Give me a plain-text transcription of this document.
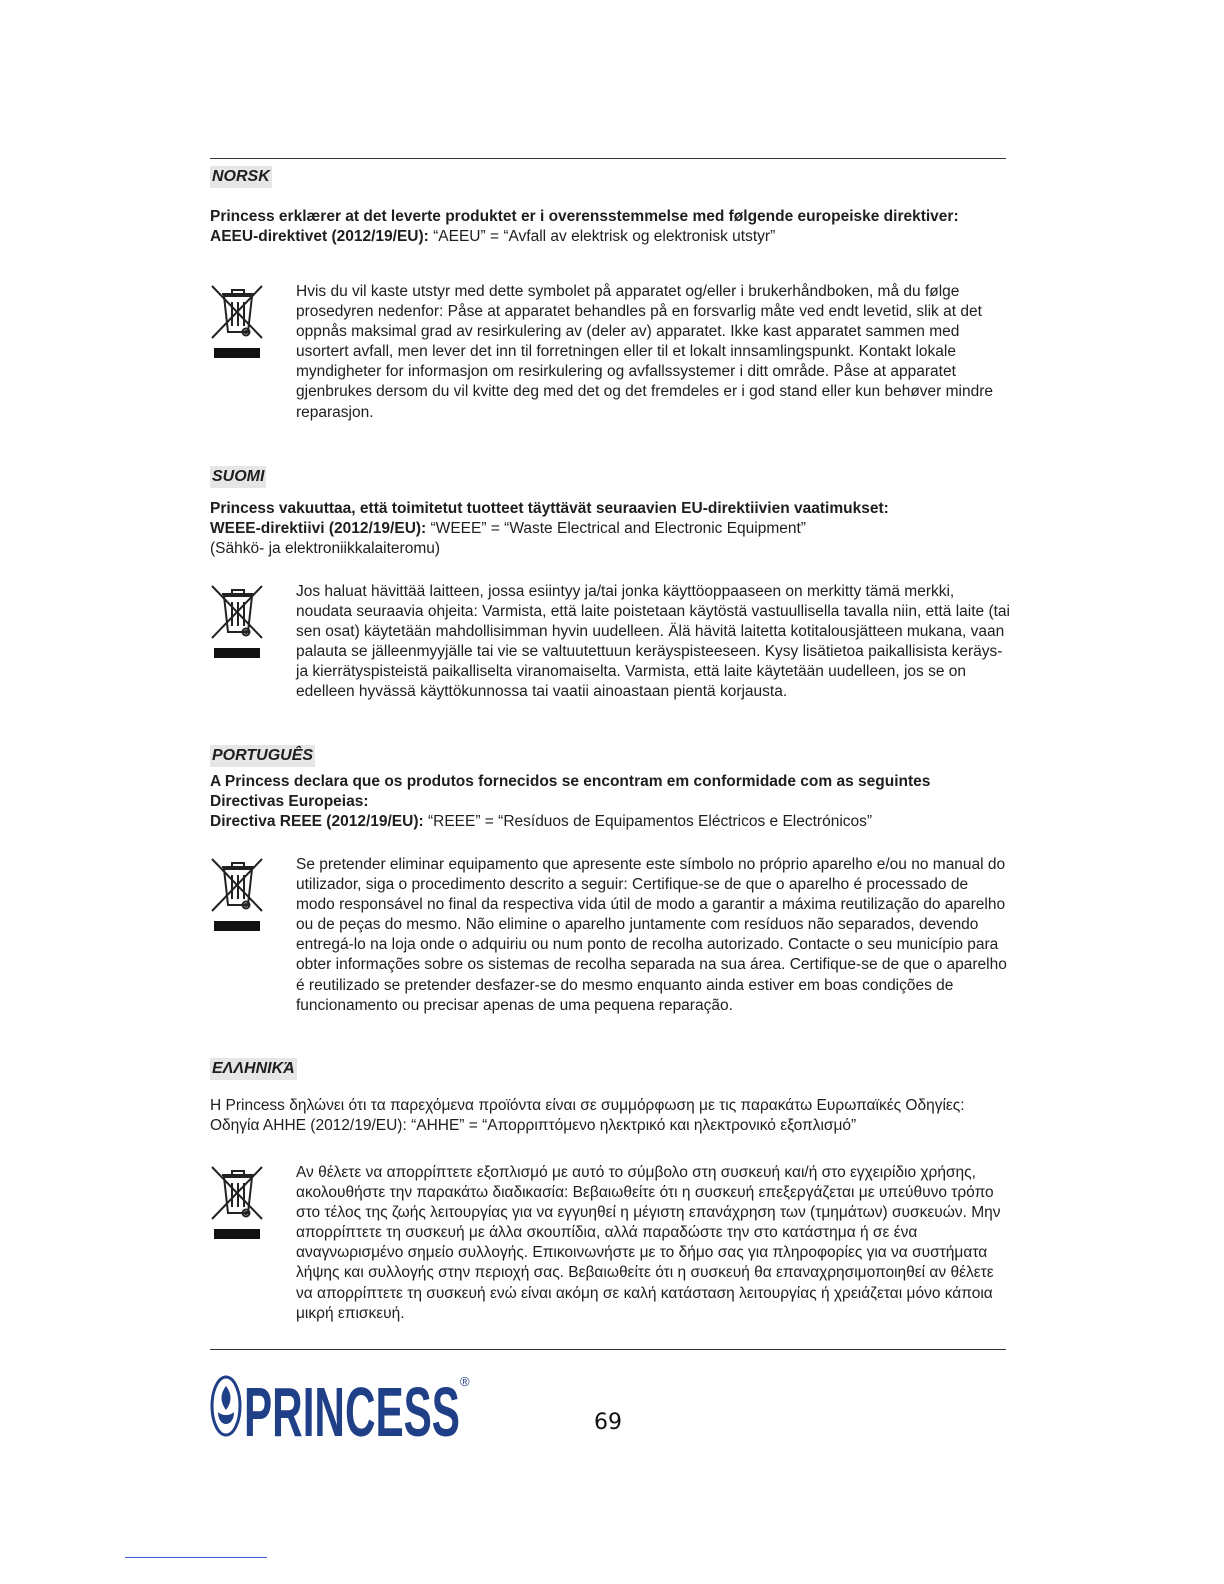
NORSK

Princess erklærer at det leverte produktet er i overensstemmelse med følgende europeiske direktiver:
AEEU-direktivet (2012/19/EU): “AEEU” = “Avfall av elektrisk og elektronisk utstyr”

Hvis du vil kaste utstyr med dette symbolet på apparatet og/eller i brukerhåndboken, må du følge prosedyren nedenfor: Påse at apparatet behandles på en forsvarlig måte ved endt levetid, slik at det oppnås maksimal grad av resirkulering av (deler av) apparatet. Ikke kast apparatet sammen med usortert avfall, men lever det inn til forretningen eller til et lokalt innsamlingspunkt. Kontakt lokale myndigheter for informasjon om resirkulering og avfallssystemer i ditt område. Påse at apparatet gjenbrukes dersom du vil kvitte deg med det og det fremdeles er i god stand eller kun behøver mindre reparasjon.

SUOMI

Princess vakuuttaa, että toimitetut tuotteet täyttävät seuraavien EU-direktiivien vaatimukset:
WEEE-direktiivi (2012/19/EU): “WEEE” = “Waste Electrical and Electronic Equipment”
(Sähkö- ja elektroniikkalaiteromu)

Jos haluat hävittää laitteen, jossa esiintyy ja/tai jonka käyttöoppaaseen on merkitty tämä merkki, noudata seuraavia ohjeita: Varmista, että laite poistetaan käytöstä vastuullisella tavalla niin, että laite (tai sen osat) käytetään mahdollisimman hyvin uudelleen. Älä hävitä laitetta kotitalousjätteen mukana, vaan palauta se jälleenmyyjälle tai vie se valtuutettuun keräyspisteeseen. Kysy lisätietoa paikallisista keräys- ja kierrätyspisteistä paikalliselta viranomaiselta. Varmista, että laite käytetään uudelleen, jos se on edelleen hyvässä käyttökunnossa tai vaatii ainoastaan pientä korjausta.

PORTUGUÊS

A Princess declara que os produtos fornecidos se encontram em conformidade com as seguintes Directivas Europeias:
Directiva REEE (2012/19/EU): “REEE” = “Resíduos de Equipamentos Eléctricos e Electrónicos”

Se pretender eliminar equipamento que apresente este símbolo no próprio aparelho e/ou no manual do utilizador, siga o procedimento descrito a seguir: Certifique-se de que o aparelho é processado de modo responsável no final da respectiva vida útil de modo a garantir a máxima reutilização do aparelho ou de peças do mesmo. Não elimine o aparelho juntamente com resíduos não separados, devendo entregá-lo na loja onde o adquiriu ou num ponto de recolha autorizado. Contacte o seu município para obter informações sobre os sistemas de recolha separada na sua área. Certifique-se de que o aparelho é reutilizado se pretender desfazer-se do mesmo enquanto ainda estiver em boas condições de funcionamento ou precisar apenas de uma pequena reparação.

ΕΛΛΗΝΙΚΆ

Η Princess δηλώνει ότι τα παρεχόμενα προϊόντα είναι σε συμμόρφωση με τις παρακάτω Ευρωπαϊκές Οδηγίες:
Οδηγία ΑΗΗΕ (2012/19/EU): “ΑΗΗΕ” = “Απορριπτόμενο ηλεκτρικό και ηλεκτρονικό εξοπλισμό”

Αν θέλετε να απορρίπτετε εξοπλισμό με αυτό το σύμβολο στη συσκευή και/ή στο εγχειρίδιο χρήσης, ακολουθήστε την παρακάτω διαδικασία: Βεβαιωθείτε ότι η συσκευή επεξεργάζεται με υπεύθυνο τρόπο στο τέλος της ζωής λειτουργίας για να εγγυηθεί η μέγιστη επανάχρηση των (τμημάτων) συσκευών. Μην απορρίπτετε τη συσκευή με άλλα σκουπίδια, αλλά παραδώστε την στο κατάστημα ή σε ένα αναγνωρισμένο σημείο συλλογής. Επικοινωνήστε με το δήμο σας για πληροφορίες για να συστήματα λήψης και συλλογής στην περιοχή σας. Βεβαιωθείτε ότι η συσκευή θα επαναχρησιμοποιηθεί αν θέλετε να απορρίπτετε τη συσκευή ενώ είναι ακόμη σε καλή κατάσταση λειτουργίας ή χρειάζεται μόνο κάποια μικρή επισκευή.

PRINCESS ®
69
